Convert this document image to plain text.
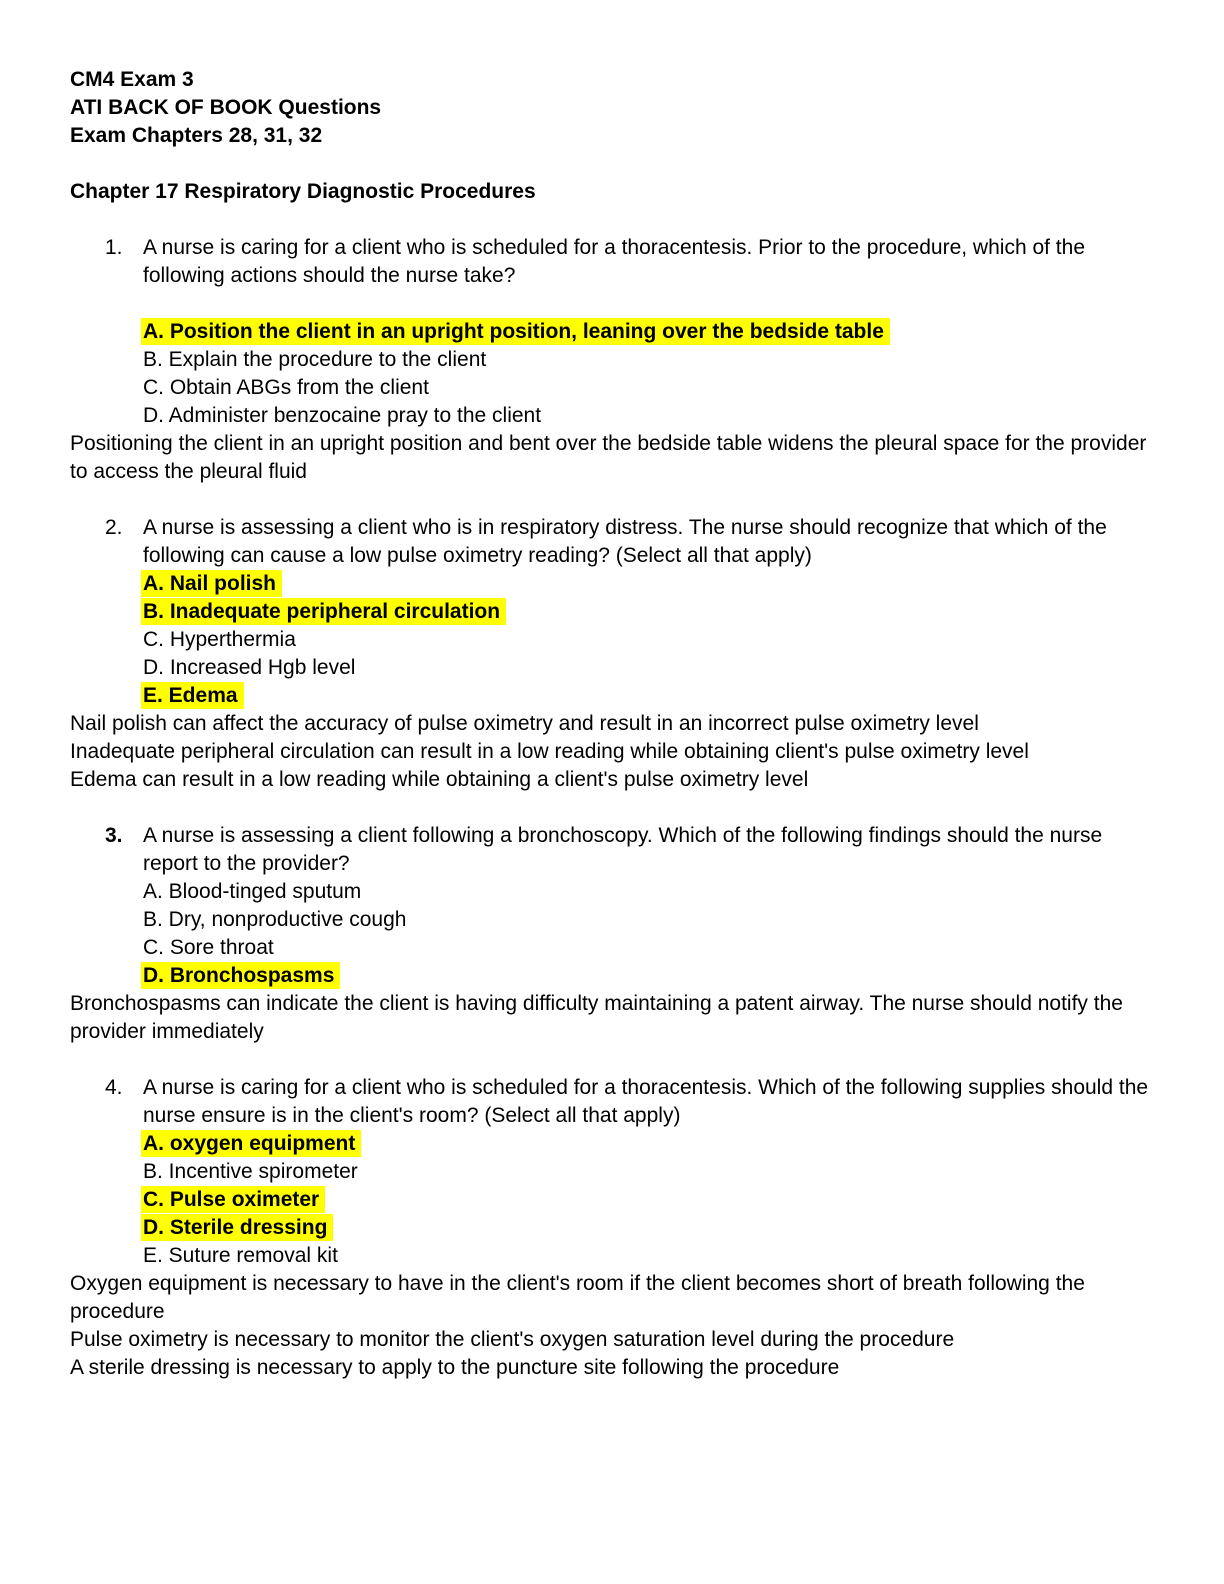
CM4 Exam 3
ATI BACK OF BOOK Questions
Exam Chapters 28, 31, 32
Chapter 17 Respiratory Diagnostic Procedures
1. A nurse is caring for a client who is scheduled for a thoracentesis. Prior to the procedure, which of the following actions should the nurse take?
A. Position the client in an upright position, leaning over the bedside table
B. Explain the procedure to the client
C. Obtain ABGs from the client
D. Administer benzocaine pray to the client
Positioning the client in an upright position and bent over the bedside table widens the pleural space for the provider to access the pleural fluid
2. A nurse is assessing a client who is in respiratory distress. The nurse should recognize that which of the following can cause a low pulse oximetry reading? (Select all that apply)
A. Nail polish
B. Inadequate peripheral circulation
C. Hyperthermia
D. Increased Hgb level
E. Edema
Nail polish can affect the accuracy of pulse oximetry and result in an incorrect pulse oximetry level
Inadequate peripheral circulation can result in a low reading while obtaining client's pulse oximetry level
Edema can result in a low reading while obtaining a client's pulse oximetry level
3. A nurse is assessing a client following a bronchoscopy. Which of the following findings should the nurse report to the provider?
A. Blood-tinged sputum
B. Dry, nonproductive cough
C. Sore throat
D. Bronchospasms
Bronchospasms can indicate the client is having difficulty maintaining a patent airway. The nurse should notify the provider immediately
4. A nurse is caring for a client who is scheduled for a thoracentesis. Which of the following supplies should the nurse ensure is in the client's room? (Select all that apply)
A. oxygen equipment
B. Incentive spirometer
C. Pulse oximeter
D. Sterile dressing
E. Suture removal kit
Oxygen equipment is necessary to have in the client's room if the client becomes short of breath following the procedure
Pulse oximetry is necessary to monitor the client's oxygen saturation level during the procedure
A sterile dressing is necessary to apply to the puncture site following the procedure
